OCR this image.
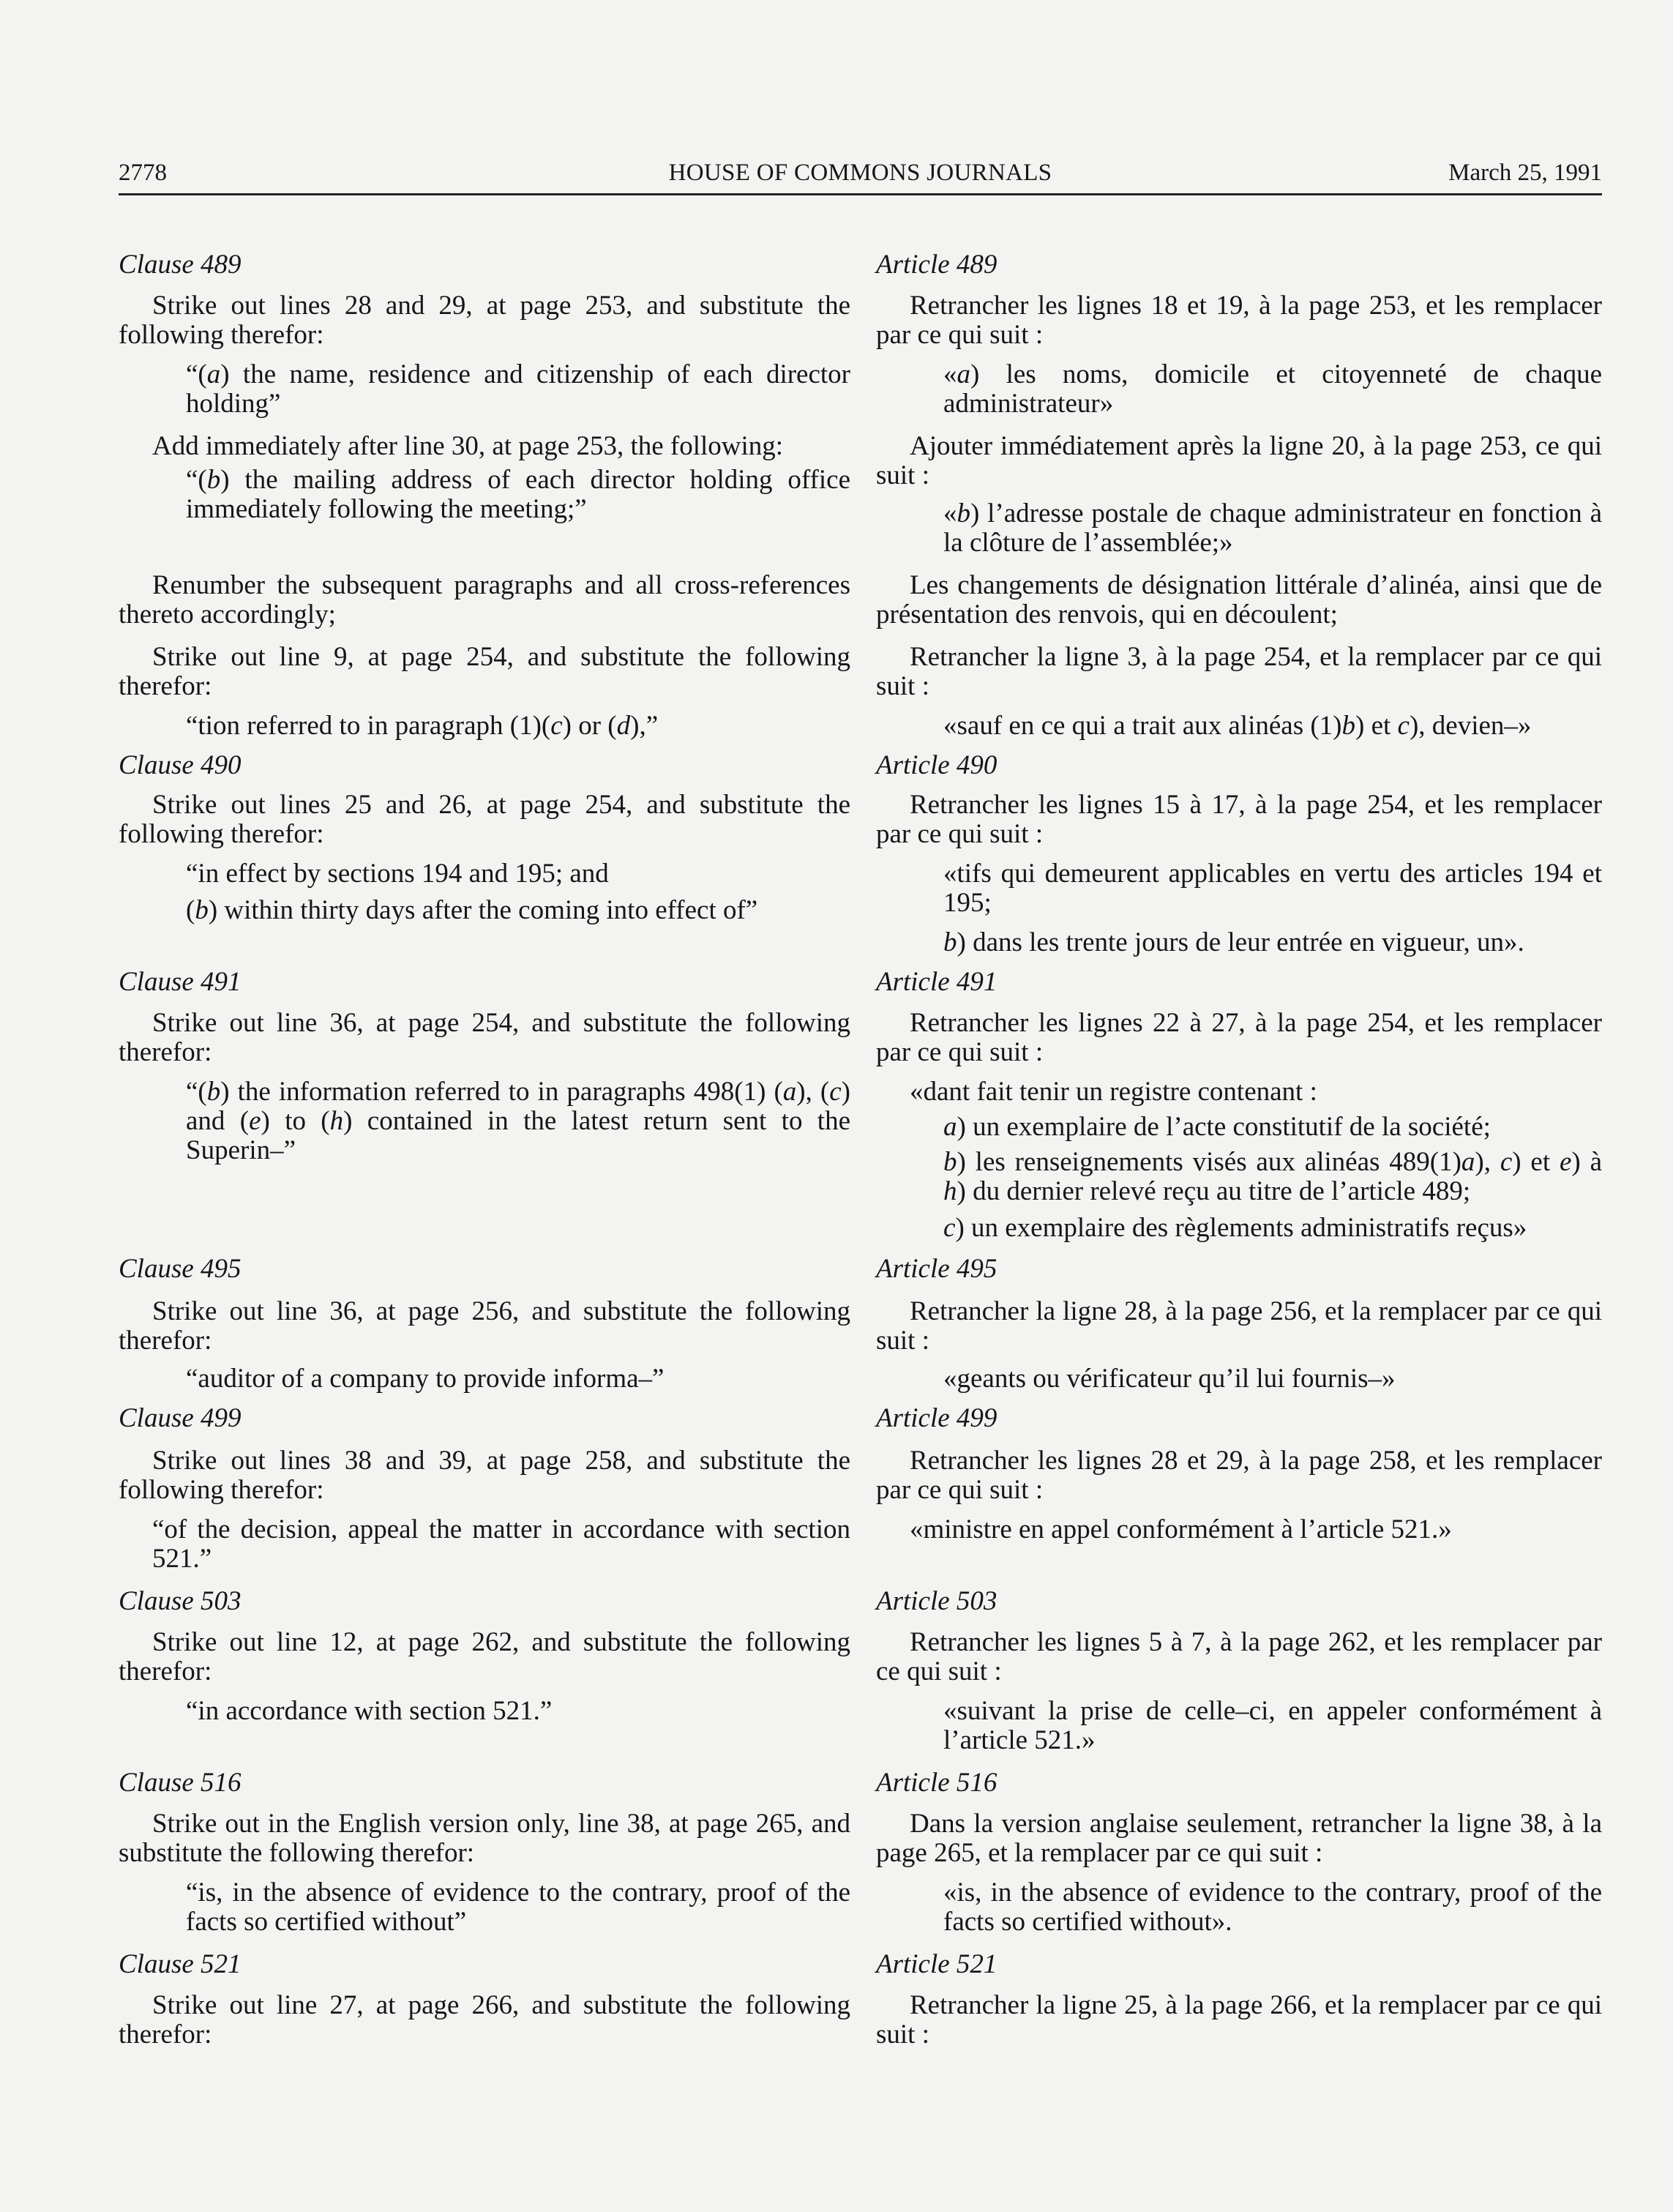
2778	HOUSE OF COMMONS JOURNALS	March 25, 1991

Clause 489

Strike out lines 28 and 29, at page 253, and substitute the following therefor:

“(a) the name, residence and citizenship of each director holding”

Add immediately after line 30, at page 253, the following:

“(b) the mailing address of each director holding office immediately following the meeting;”

Renumber the subsequent paragraphs and all cross-references thereto accordingly;

Strike out line 9, at page 254, and substitute the following therefor:

“tion referred to in paragraph (1)(c) or (d),”

Clause 490

Strike out lines 25 and 26, at page 254, and substitute the following therefor:

“in effect by sections 194 and 195; and

(b) within thirty days after the coming into effect of”

Clause 491

Strike out line 36, at page 254, and substitute the following therefor:

“(b) the information referred to in paragraphs 498(1) (a), (c) and (e) to (h) contained in the latest return sent to the Superin–”

Clause 495

Strike out line 36, at page 256, and substitute the following therefor:

“auditor of a company to provide informa–”

Clause 499

Strike out lines 38 and 39, at page 258, and substitute the following therefor:

“of the decision, appeal the matter in accordance with section 521.”

Clause 503

Strike out line 12, at page 262, and substitute the following therefor:

“in accordance with section 521.”

Clause 516

Strike out in the English version only, line 38, at page 265, and substitute the following therefor:

“is, in the absence of evidence to the contrary, proof of the facts so certified without”

Clause 521

Strike out line 27, at page 266, and substitute the following therefor:

Article 489

Retrancher les lignes 18 et 19, à la page 253, et les remplacer par ce qui suit :

«a) les noms, domicile et citoyenneté de chaque administrateur»

Ajouter immédiatement après la ligne 20, à la page 253, ce qui suit :

«b) l’adresse postale de chaque administrateur en fonction à la clôture de l’assemblée;»

Les changements de désignation littérale d’alinéa, ainsi que de présentation des renvois, qui en découlent;

Retrancher la ligne 3, à la page 254, et la remplacer par ce qui suit :

«sauf en ce qui a trait aux alinéas (1)b) et c), devien–»

Article 490

Retrancher les lignes 15 à 17, à la page 254, et les remplacer par ce qui suit :

«tifs qui demeurent applicables en vertu des articles 194 et 195;

b) dans les trente jours de leur entrée en vigueur, un».

Article 491

Retrancher les lignes 22 à 27, à la page 254, et les remplacer par ce qui suit :

«dant fait tenir un registre contenant :

a) un exemplaire de l’acte constitutif de la société;

b) les renseignements visés aux alinéas 489(1)a), c) et e) à h) du dernier relevé reçu au titre de l’article 489;

c) un exemplaire des règlements administratifs reçus»

Article 495

Retrancher la ligne 28, à la page 256, et la remplacer par ce qui suit :

«geants ou vérificateur qu’il lui fournis–»

Article 499

Retrancher les lignes 28 et 29, à la page 258, et les remplacer par ce qui suit :

«ministre en appel conformément à l’article 521.»

Article 503

Retrancher les lignes 5 à 7, à la page 262, et les remplacer par ce qui suit :

«suivant la prise de celle–ci, en appeler conformément à l’article 521.»

Article 516

Dans la version anglaise seulement, retrancher la ligne 38, à la page 265, et la remplacer par ce qui suit :

«is, in the absence of evidence to the contrary, proof of the facts so certified without».

Article 521

Retrancher la ligne 25, à la page 266, et la remplacer par ce qui suit :
